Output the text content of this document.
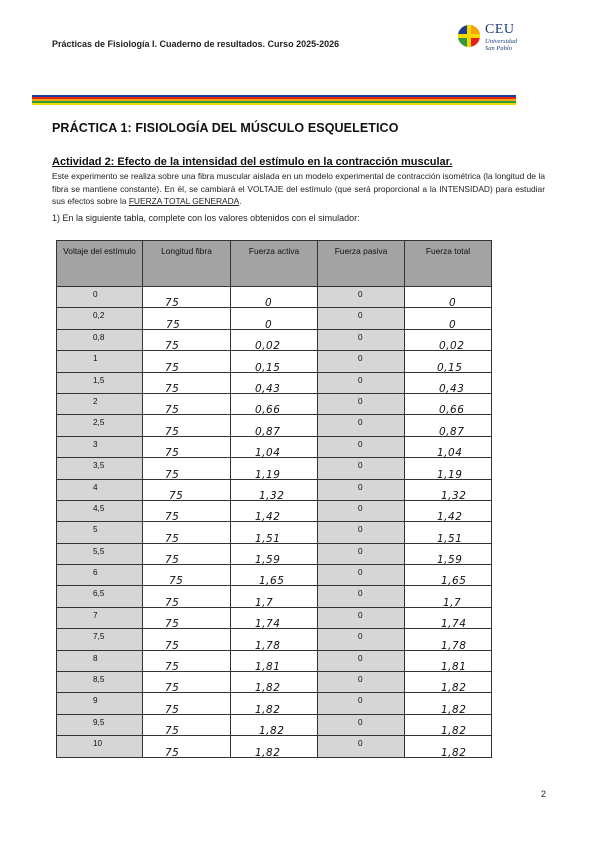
Prácticas de Fisiología I. Cuaderno de resultados. Curso 2025-2026
CEU
Universidad
San Pablo
PRÁCTICA 1: FISIOLOGÍA DEL MÚSCULO ESQUELETICO
Actividad 2: Efecto de la intensidad del estímulo en la contracción muscular.
Este experimento se realiza sobre una fibra muscular aislada en un modelo experimental de contracción isométrica (la longitud de la fibra se mantiene constante). En él, se cambiará el VOLTAJE del estímulo (que será proporcional a la INTENSIDAD) para estudiar sus efectos sobre la FUERZA TOTAL GENERADA.
1) En la siguiente tabla, complete con los valores obtenidos con el simulador:
Voltaje del estímulo	Longitud fibra	Fuerza activa	Fuerza pasiva	Fuerza total

0	75	0	0	0

0,2	75	0	0	0

0,8	75	0,02	0	0,02

1	75	0,15	0	0,15

1,5	75	0,43	0	0,43

2	75	0,66	0	0,66

2,5	75	0,87	0	0,87

3	75	1,04	0	1,04

3,5	75	1,19	0	1,19

4	75	1,32	0	1,32

4,5	75	1,42	0	1,42

5	75	1,51	0	1,51

5,5	75	1,59	0	1,59

6	75	1,65	0	1,65

6,5	75	1,7	0	1,7

7	75	1,74	0	1,74

7,5	75	1,78	0	1,78

8	75	1,81	0	1,81

8,5	75	1,82	0	1,82

9	75	1,82	0	1,82

9,5	75	1,82	0	1,82

10	75	1,82	0	1,82
2
